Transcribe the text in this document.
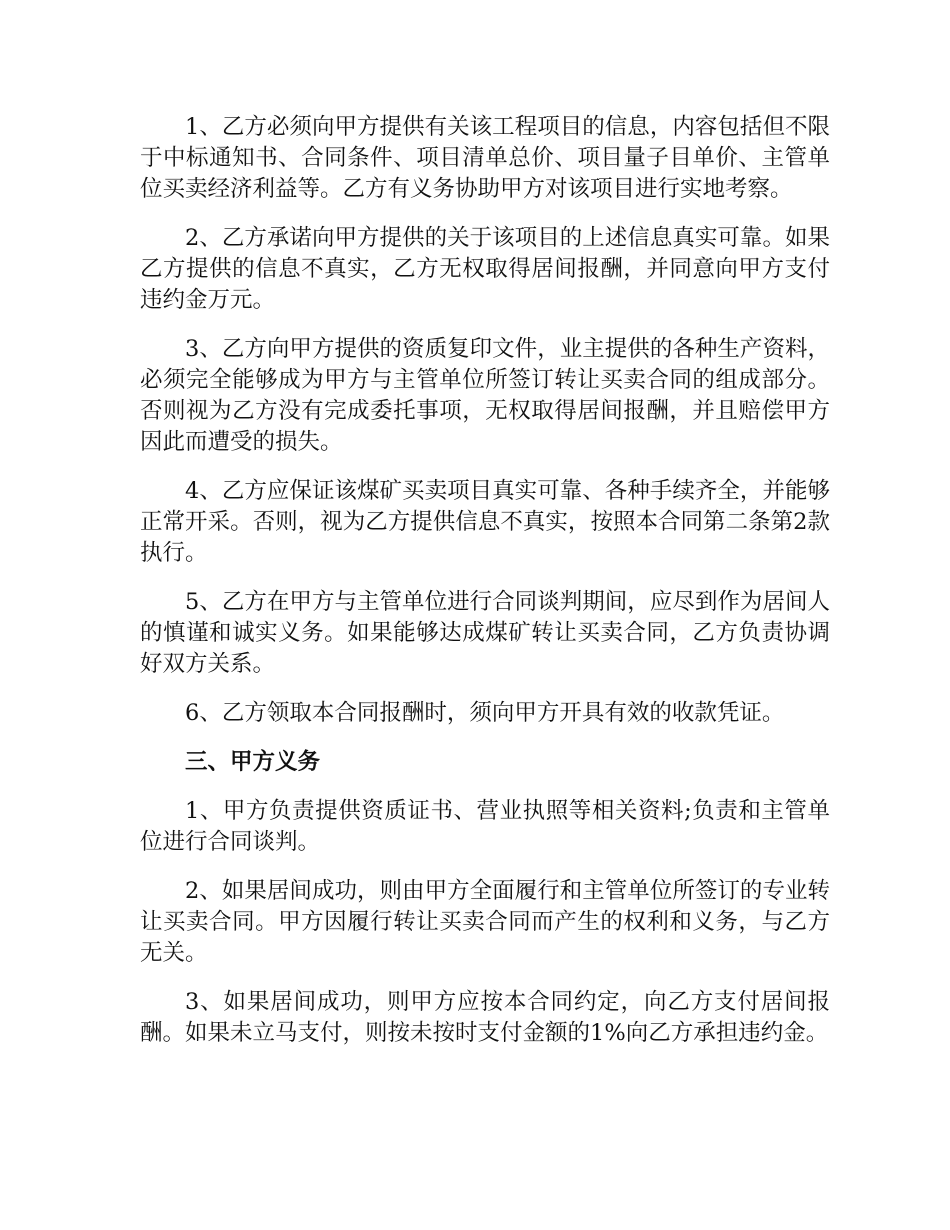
1、乙方必须向甲方提供有关该工程项目的信息，内容包括但不限于中标通知书、合同条件、项目清单总价、项目量子目单价、主管单位买卖经济利益等。乙方有义务协助甲方对该项目进行实地考察。

2、乙方承诺向甲方提供的关于该项目的上述信息真实可靠。如果乙方提供的信息不真实，乙方无权取得居间报酬，并同意向甲方支付违约金万元。

3、乙方向甲方提供的资质复印文件，业主提供的各种生产资料，必须完全能够成为甲方与主管单位所签订转让买卖合同的组成部分。否则视为乙方没有完成委托事项，无权取得居间报酬，并且赔偿甲方因此而遭受的损失。

4、乙方应保证该煤矿买卖项目真实可靠、各种手续齐全，并能够正常开采。否则，视为乙方提供信息不真实，按照本合同第二条第2款执行。

5、乙方在甲方与主管单位进行合同谈判期间，应尽到作为居间人的慎谨和诚实义务。如果能够达成煤矿转让买卖合同，乙方负责协调好双方关系。

6、乙方领取本合同报酬时，须向甲方开具有效的收款凭证。

三、甲方义务

1、甲方负责提供资质证书、营业执照等相关资料;负责和主管单位进行合同谈判。

2、如果居间成功，则由甲方全面履行和主管单位所签订的专业转让买卖合同。甲方因履行转让买卖合同而产生的权利和义务，与乙方无关。

3、如果居间成功，则甲方应按本合同约定，向乙方支付居间报酬。如果未立马支付，则按未按时支付金额的1%向乙方承担违约金。
